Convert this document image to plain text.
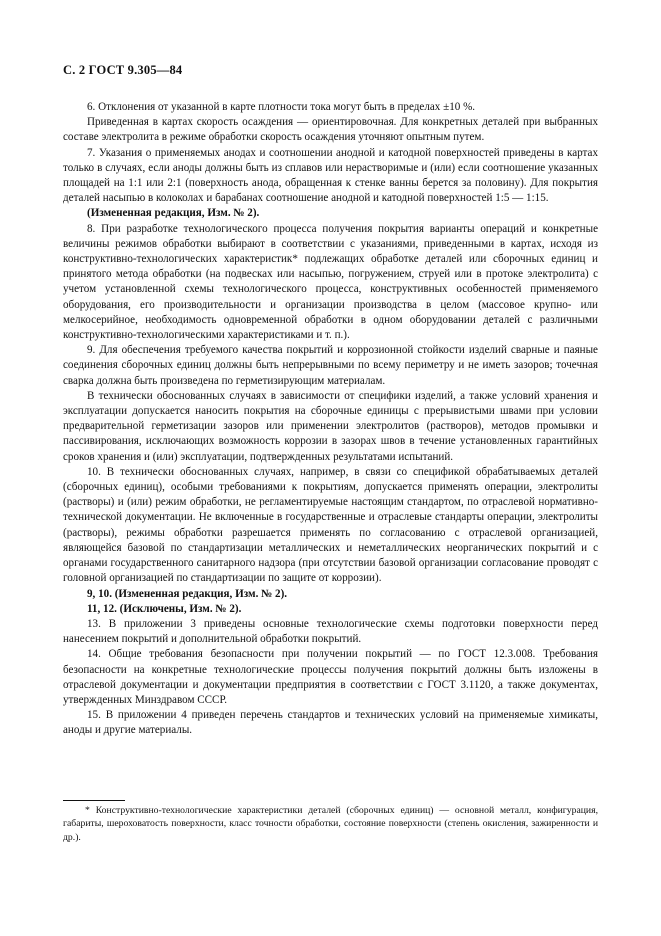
С. 2 ГОСТ 9.305—84

6. Отклонения от указанной в карте плотности тока могут быть в пределах ±10 %.

Приведенная в картах скорость осаждения — ориентировочная. Для конкретных деталей при выбранных составе электролита в режиме обработки скорость осаждения уточняют опытным путем.

7. Указания о применяемых анодах и соотношении анодной и катодной поверхностей приведены в картах только в случаях, если аноды должны быть из сплавов или нерастворимые и (или) если соотношение указанных площадей на 1:1 или 2:1 (поверхность анода, обращенная к стенке ванны берется за половину). Для покрытия деталей насыпью в колоколах и барабанах соотношение анодной и катодной поверхностей 1:5 — 1:15.

(Измененная редакция, Изм. № 2).

8. При разработке технологического процесса получения покрытия варианты операций и конкретные величины режимов обработки выбирают в соответствии с указаниями, приведенными в картах, исходя из конструктивно-технологических характеристик* подлежащих обработке деталей или сборочных единиц и принятого метода обработки (на подвесках или насыпью, погружением, струей или в протоке электролита) с учетом установленной схемы технологического процесса, конструктивных особенностей применяемого оборудования, его производительности и организации производства в целом (массовое крупно- или мелкосерийное, необходимость одновременной обработки в одном оборудовании деталей с различными конструктивно-технологическими характеристиками и т. п.).

9. Для обеспечения требуемого качества покрытий и коррозионной стойкости изделий сварные и паяные соединения сборочных единиц должны быть непрерывными по всему периметру и не иметь зазоров; точечная сварка должна быть произведена по герметизирующим материалам.

В технически обоснованных случаях в зависимости от специфики изделий, а также условий хранения и эксплуатации допускается наносить покрытия на сборочные единицы с прерывистыми швами при условии предварительной герметизации зазоров или применении электролитов (растворов), методов промывки и пассивирования, исключающих возможность коррозии в зазорах швов в течение установленных гарантийных сроков хранения и (или) эксплуатации, подтвержденных результатами испытаний.

10. В технически обоснованных случаях, например, в связи со спецификой обрабатываемых деталей (сборочных единиц), особыми требованиями к покрытиям, допускается применять операции, электролиты (растворы) и (или) режим обработки, не регламентируемые настоящим стандартом, по отраслевой нормативно-технической документации. Не включенные в государственные и отраслевые стандарты операции, электролиты (растворы), режимы обработки разрешается применять по согласованию с отраслевой организацией, являющейся базовой по стандартизации металлических и неметаллических неорганических покрытий и с органами государственного санитарного надзора (при отсутствии базовой организации согласование проводят с головной организацией по стандартизации по защите от коррозии).

9, 10. (Измененная редакция, Изм. № 2).

11, 12. (Исключены, Изм. № 2).

13. В приложении 3 приведены основные технологические схемы подготовки поверхности перед нанесением покрытий и дополнительной обработки покрытий.

14. Общие требования безопасности при получении покрытий — по ГОСТ 12.3.008. Требования безопасности на конкретные технологические процессы получения покрытий должны быть изложены в отраслевой документации и документации предприятия в соответствии с ГОСТ 3.1120, а также документах, утвержденных Минздравом СССР.

15. В приложении 4 приведен перечень стандартов и технических условий на применяемые химикаты, аноды и другие материалы.

* Конструктивно-технологические характеристики деталей (сборочных единиц) — основной металл, конфигурация, габариты, шероховатость поверхности, класс точности обработки, состояние поверхности (степень окисления, зажиренности и др.).
